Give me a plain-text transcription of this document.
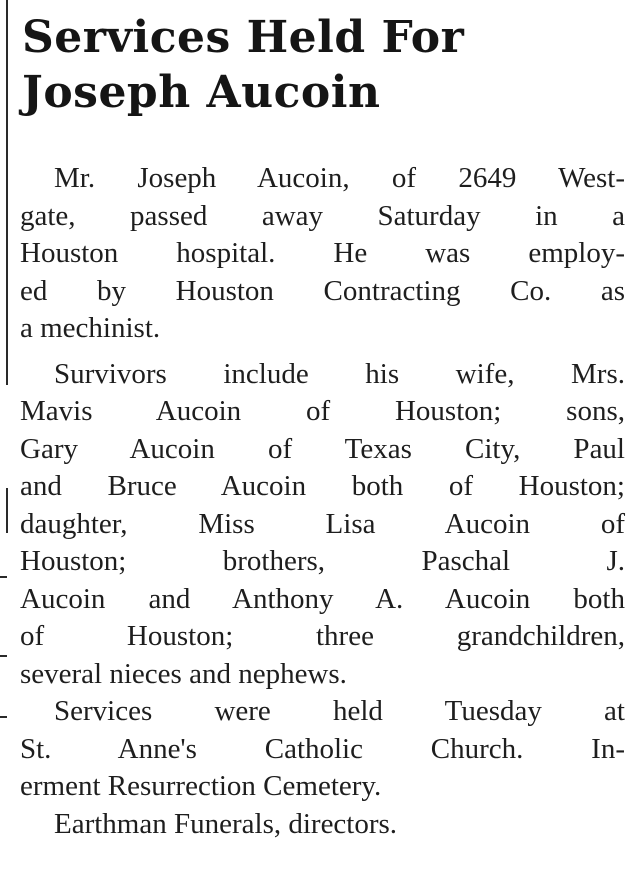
Services Held For
Joseph Aucoin
Mr. Joseph Aucoin, of 2649 West-
gate, passed away Saturday in a
Houston hospital. He was employ-
ed by Houston Contracting Co. as
a mechinist.
Survivors include his wife, Mrs.
Mavis Aucoin of Houston; sons,
Gary Aucoin of Texas City, Paul
and Bruce Aucoin both of Houston;
daughter, Miss Lisa Aucoin of
Houston; brothers, Paschal J.
Aucoin and Anthony A. Aucoin both
of Houston; three grandchildren,
several nieces and nephews.
Services were held Tuesday at
St. Anne's Catholic Church. In-
erment Resurrection Cemetery.
Earthman Funerals, directors.
